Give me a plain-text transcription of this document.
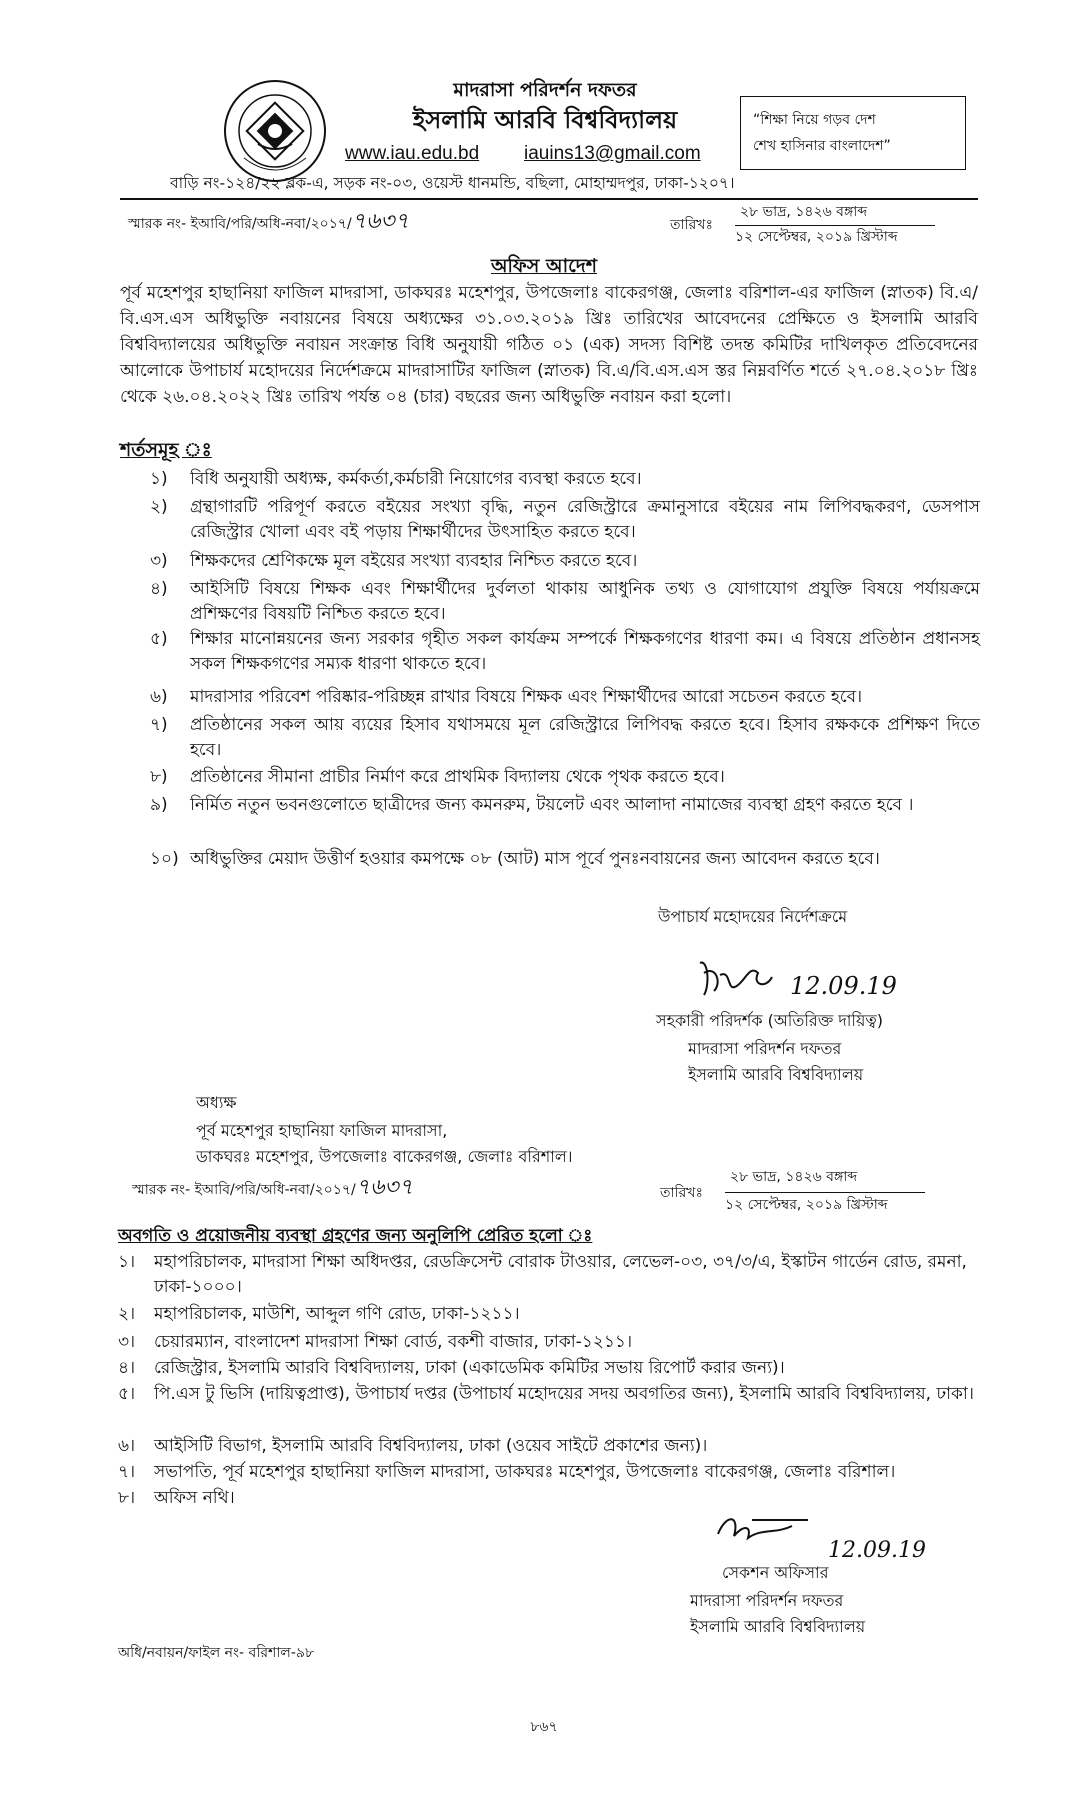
মাদরাসা পরিদর্শন দফতর
ইসলামি আরবি বিশ্ববিদ্যালয়
www.iau.edu.bd iauins13@gmail.com
“শিক্ষা নিয়ে গড়ব দেশ
শেখ হাসিনার বাংলাদেশ”
বাড়ি নং-১২৪/২২ ব্লক-এ, সড়ক নং-০৩, ওয়েস্ট ধানমন্ডি, বছিলা, মোহাম্মদপুর, ঢাকা-১২০৭।
স্মারক নং- ইআবি/পরি/অধি-নবা/২০১৭/৭৬৩৭	তারিখঃ
২৮ ভাদ্র, ১৪২৬ বঙ্গাব্দ
১২ সেপ্টেম্বর, ২০১৯ খ্রিস্টাব্দ
অফিস আদেশ
পূর্ব মহেশপুর হাছানিয়া ফাজিল মাদরাসা, ডাকঘরঃ মহেশপুর, উপজেলাঃ বাকেরগঞ্জ, জেলাঃ বরিশাল-এর ফাজিল (স্নাতক) বি.এ/বি.এস.এস অধিভুক্তি নবায়নের বিষয়ে অধ্যক্ষের ৩১.০৩.২০১৯ খ্রিঃ তারিখের আবেদনের প্রেক্ষিতে ও ইসলামি আরবি বিশ্ববিদ্যালয়ের অধিভুক্তি নবায়ন সংক্রান্ত বিধি অনুযায়ী গঠিত ০১ (এক) সদস্য বিশিষ্ট তদন্ত কমিটির দাখিলকৃত প্রতিবেদনের আলোকে উপাচার্য মহোদয়ের নির্দেশক্রমে মাদরাসাটির ফাজিল (স্নাতক) বি.এ/বি.এস.এস স্তর নিম্নবর্ণিত শর্তে ২৭.০৪.২০১৮ খ্রিঃ থেকে ২৬.০৪.২০২২ খ্রিঃ তারিখ পর্যন্ত ০৪ (চার) বছরের জন্য অধিভুক্তি নবায়ন করা হলো।
শর্তসমূহ ঃ
১)	বিধি অনুযায়ী অধ্যক্ষ, কর্মকর্তা,কর্মচারী নিয়োগের ব্যবস্থা করতে হবে।
২)	গ্রন্থাগারটি পরিপূর্ণ করতে বইয়ের সংখ্যা বৃদ্ধি, নতুন রেজিস্ট্রারে ক্রমানুসারে বইয়ের নাম লিপিবদ্ধকরণ, ডেসপাস রেজিস্ট্রার খোলা এবং বই পড়ায় শিক্ষার্থীদের উৎসাহিত করতে হবে।
৩)	শিক্ষকদের শ্রেণিকক্ষে মূল বইয়ের সংখ্যা ব্যবহার নিশ্চিত করতে হবে।
৪)	আইসিটি বিষয়ে শিক্ষক এবং শিক্ষার্থীদের দুর্বলতা থাকায় আধুনিক তথ্য ও যোগাযোগ প্রযুক্তি বিষয়ে পর্যায়ক্রমে প্রশিক্ষণের বিষয়টি নিশ্চিত করতে হবে।
৫)	শিক্ষার মানোন্নয়নের জন্য সরকার গৃহীত সকল কার্যক্রম সম্পর্কে শিক্ষকগণের ধারণা কম। এ বিষয়ে প্রতিষ্ঠান প্রধানসহ সকল শিক্ষকগণের সম্যক ধারণা থাকতে হবে।
৬)	মাদরাসার পরিবেশ পরিষ্কার-পরিচ্ছন্ন রাখার বিষয়ে শিক্ষক এবং শিক্ষার্থীদের আরো সচেতন করতে হবে।
৭)	প্রতিষ্ঠানের সকল আয় ব্যয়ের হিসাব যথাসময়ে মূল রেজিস্ট্রারে লিপিবদ্ধ করতে হবে। হিসাব রক্ষককে প্রশিক্ষণ দিতে হবে।
৮)	প্রতিষ্ঠানের সীমানা প্রাচীর নির্মাণ করে প্রাথমিক বিদ্যালয় থেকে পৃথক করতে হবে।
৯)	নির্মিত নতুন ভবনগুলোতে ছাত্রীদের জন্য কমনরুম, টয়লেট এবং আলাদা নামাজের ব্যবস্থা গ্রহণ করতে হবে ।
১০) অধিভুক্তির মেয়াদ উত্তীর্ণ হওয়ার কমপক্ষে ০৮ (আট) মাস পূর্বে পুনঃনবায়নের জন্য আবেদন করতে হবে।
উপাচার্য মহোদয়ের নির্দেশক্রমে
12.09.19
সহকারী পরিদর্শক (অতিরিক্ত দায়িত্ব)
মাদরাসা পরিদর্শন দফতর
ইসলামি আরবি বিশ্ববিদ্যালয়
অধ্যক্ষ
পূর্ব মহেশপুর হাছানিয়া ফাজিল মাদরাসা,
ডাকঘরঃ মহেশপুর, উপজেলাঃ বাকেরগঞ্জ, জেলাঃ বরিশাল।
স্মারক নং- ইআবি/পরি/অধি-নবা/২০১৭/৭৬৩৭	তারিখঃ
২৮ ভাদ্র, ১৪২৬ বঙ্গাব্দ
১২ সেপ্টেম্বর, ২০১৯ খ্রিস্টাব্দ
অবগতি ও প্রয়োজনীয় ব্যবস্থা গ্রহণের জন্য অনুলিপি প্রেরিত হলো ঃ
১।	মহাপরিচালক, মাদরাসা শিক্ষা অধিদপ্তর, রেডক্রিসেন্ট বোরাক টাওয়ার, লেভেল-০৩, ৩৭/৩/এ, ইস্কাটন গার্ডেন রোড, রমনা, ঢাকা-১০০০।
২।	মহাপরিচালক, মাউশি, আব্দুল গণি রোড, ঢাকা-১২১১।
৩।	চেয়ারম্যান, বাংলাদেশ মাদরাসা শিক্ষা বোর্ড, বকশী বাজার, ঢাকা-১২১১।
৪।	রেজিস্ট্রার, ইসলামি আরবি বিশ্ববিদ্যালয়, ঢাকা (একাডেমিক কমিটির সভায় রিপোর্ট করার জন্য)।
৫।	পি.এস টু ভিসি (দায়িত্বপ্রাপ্ত), উপাচার্য দপ্তর (উপাচার্য মহোদয়ের সদয় অবগতির জন্য), ইসলামি আরবি বিশ্ববিদ্যালয়, ঢাকা।
৬।	আইসিটি বিভাগ, ইসলামি আরবি বিশ্ববিদ্যালয়, ঢাকা (ওয়েব সাইটে প্রকাশের জন্য)।
৭।	সভাপতি, পূর্ব মহেশপুর হাছানিয়া ফাজিল মাদরাসা, ডাকঘরঃ মহেশপুর, উপজেলাঃ বাকেরগঞ্জ, জেলাঃ বরিশাল।
৮।	অফিস নথি।
12.09.19
সেকশন অফিসার
মাদরাসা পরিদর্শন দফতর
ইসলামি আরবি বিশ্ববিদ্যালয়
অধি/নবায়ন/ফাইল নং- বরিশাল-৯৮
৮৬৭
